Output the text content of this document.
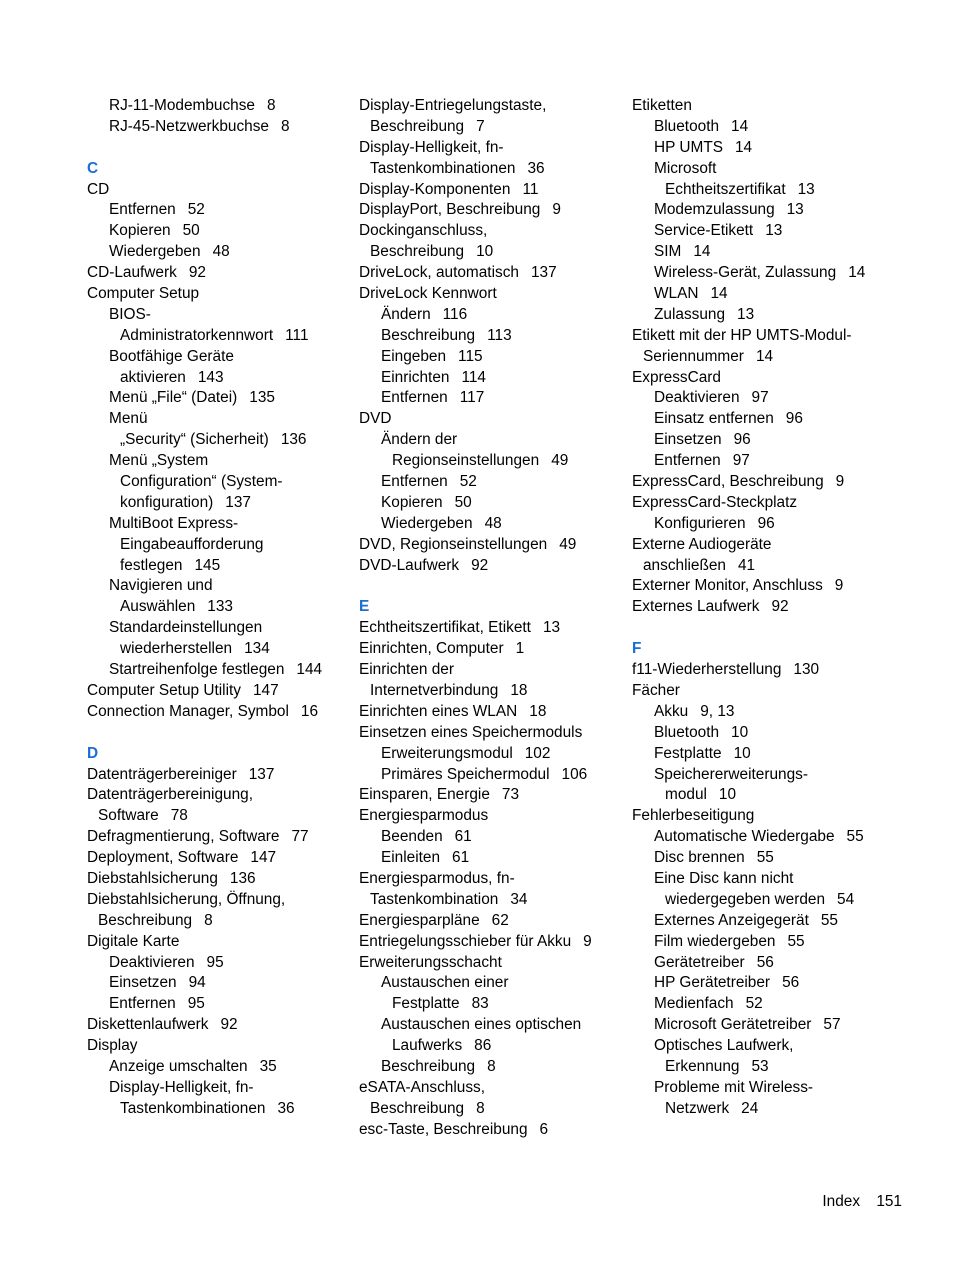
RJ-11-Modembuchse 8
RJ-45-Netzwerkbuchse 8
C
CD
Entfernen 52
Kopieren 50
Wiedergeben 48
CD-Laufwerk 92
Computer Setup
BIOS-
Administratorkennwort 111
Bootfähige Geräte
aktivieren 143
Menü „File“ (Datei) 135
Menü
„Security“ (Sicherheit) 136
Menü „System
Configuration“ (System-
konfiguration) 137
MultiBoot Express-
Eingabeaufforderung
festlegen 145
Navigieren und
Auswählen 133
Standardeinstellungen
wiederherstellen 134
Startreihenfolge festlegen 144
Computer Setup Utility 147
Connection Manager, Symbol 16
D
Datenträgerbereiniger 137
Datenträgerbereinigung,
Software 78
Defragmentierung, Software 77
Deployment, Software 147
Diebstahlsicherung 136
Diebstahlsicherung, Öffnung,
Beschreibung 8
Digitale Karte
Deaktivieren 95
Einsetzen 94
Entfernen 95
Diskettenlaufwerk 92
Display
Anzeige umschalten 35
Display-Helligkeit, fn-
Tastenkombinationen 36
Display-Entriegelungstaste,
Beschreibung 7
Display-Helligkeit, fn-
Tastenkombinationen 36
Display-Komponenten 11
DisplayPort, Beschreibung 9
Dockinganschluss,
Beschreibung 10
DriveLock, automatisch 137
DriveLock Kennwort
Ändern 116
Beschreibung 113
Eingeben 115
Einrichten 114
Entfernen 117
DVD
Ändern der
Regionseinstellungen 49
Entfernen 52
Kopieren 50
Wiedergeben 48
DVD, Regionseinstellungen 49
DVD-Laufwerk 92
E
Echtheitszertifikat, Etikett 13
Einrichten, Computer 1
Einrichten der
Internetverbindung 18
Einrichten eines WLAN 18
Einsetzen eines Speichermoduls
Erweiterungsmodul 102
Primäres Speichermodul 106
Einsparen, Energie 73
Energiesparmodus
Beenden 61
Einleiten 61
Energiesparmodus, fn-
Tastenkombination 34
Energiesparpläne 62
Entriegelungsschieber für Akku 9
Erweiterungsschacht
Austauschen einer
Festplatte 83
Austauschen eines optischen
Laufwerks 86
Beschreibung 8
eSATA-Anschluss,
Beschreibung 8
esc-Taste, Beschreibung 6
Etiketten
Bluetooth 14
HP UMTS 14
Microsoft
Echtheitszertifikat 13
Modemzulassung 13
Service-Etikett 13
SIM 14
Wireless-Gerät, Zulassung 14
WLAN 14
Zulassung 13
Etikett mit der HP UMTS-Modul-
Seriennummer 14
ExpressCard
Deaktivieren 97
Einsatz entfernen 96
Einsetzen 96
Entfernen 97
ExpressCard, Beschreibung 9
ExpressCard-Steckplatz
Konfigurieren 96
Externe Audiogeräte
anschließen 41
Externer Monitor, Anschluss 9
Externes Laufwerk 92
F
f11-Wiederherstellung 130
Fächer
Akku 9, 13
Bluetooth 10
Festplatte 10
Speichererweiterungs-
modul 10
Fehlerbeseitigung
Automatische Wiedergabe 55
Disc brennen 55
Eine Disc kann nicht
wiedergegeben werden 54
Externes Anzeigegerät 55
Film wiedergeben 55
Gerätetreiber 56
HP Gerätetreiber 56
Medienfach 52
Microsoft Gerätetreiber 57
Optisches Laufwerk,
Erkennung 53
Probleme mit Wireless-
Netzwerk 24
Index 151
